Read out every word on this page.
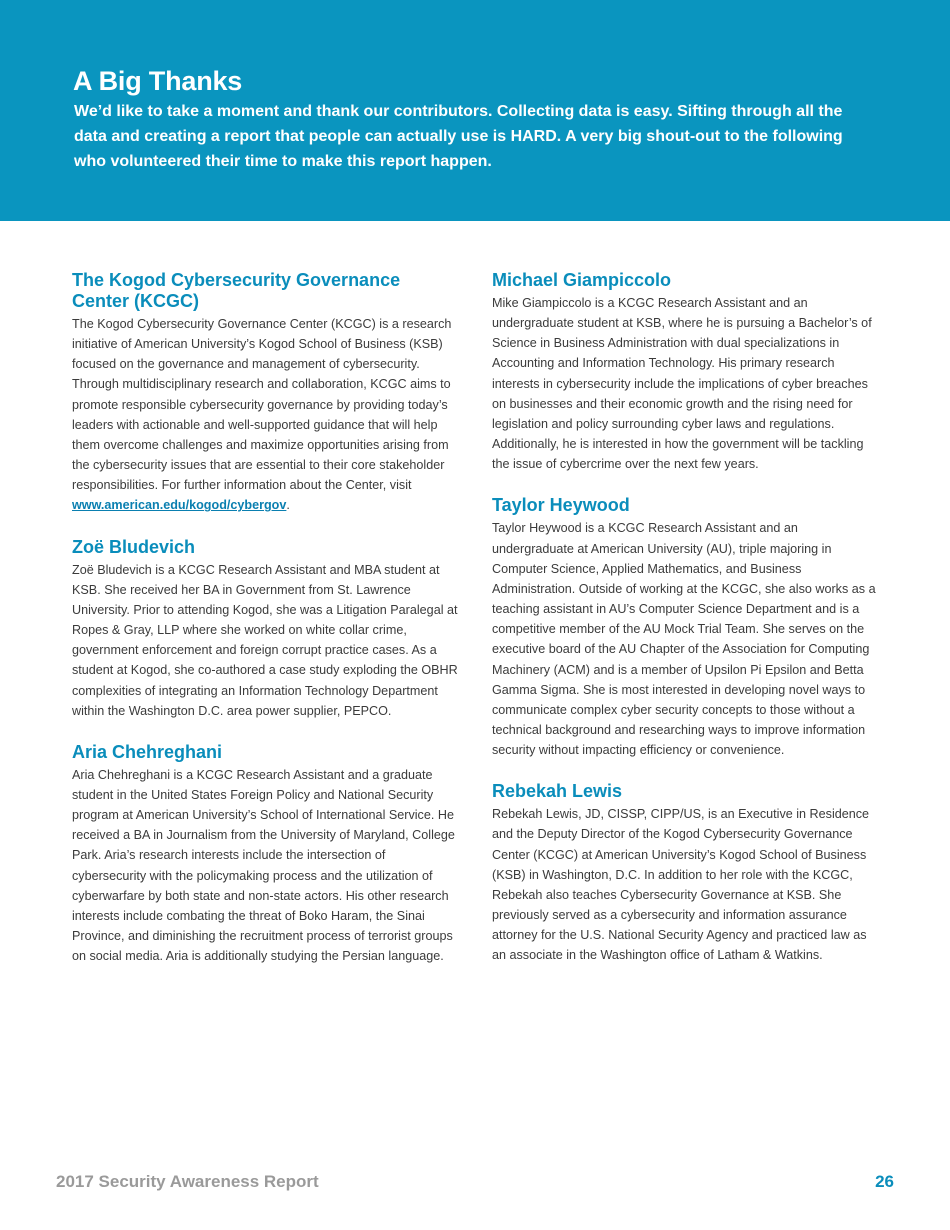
A Big Thanks

We’d like to take a moment and thank our contributors. Collecting data is easy. Sifting through all the data and creating a report that people can actually use is HARD. A very big shout-out to the following who volunteered their time to make this report happen.

The Kogod Cybersecurity Governance Center (KCGC)

The Kogod Cybersecurity Governance Center (KCGC) is a research initiative of American University’s Kogod School of Business (KSB) focused on the governance and management of cybersecurity. Through multidisciplinary research and collaboration, KCGC aims to promote responsible cybersecurity governance by providing today’s leaders with actionable and well-supported guidance that will help them overcome challenges and maximize opportunities arising from the cybersecurity issues that are essential to their core stakeholder responsibilities. For further information about the Center, visit www.american.edu/kogod/cybergov.

Zoë Bludevich

Zoë Bludevich is a KCGC Research Assistant and MBA student at KSB. She received her BA in Government from St. Lawrence University. Prior to attending Kogod, she was a Litigation Paralegal at Ropes & Gray, LLP where she worked on white collar crime, government enforcement and foreign corrupt practice cases. As a student at Kogod, she co-authored a case study exploding the OBHR complexities of integrating an Information Technology Department within the Washington D.C. area power supplier, PEPCO.

Aria Chehreghani

Aria Chehreghani is a KCGC Research Assistant and a graduate student in the United States Foreign Policy and National Security program at American University’s School of International Service. He received a BA in Journalism from the University of Maryland, College Park. Aria’s research interests include the intersection of cybersecurity with the policymaking process and the utilization of cyberwarfare by both state and non-state actors. His other research interests include combating the threat of Boko Haram, the Sinai Province, and diminishing the recruitment process of terrorist groups on social media. Aria is additionally studying the Persian language.

Michael Giampiccolo

Mike Giampiccolo is a KCGC Research Assistant and an undergraduate student at KSB, where he is pursuing a Bachelor’s of Science in Business Administration with dual specializations in Accounting and Information Technology. His primary research interests in cybersecurity include the implications of cyber breaches on businesses and their economic growth and the rising need for legislation and policy surrounding cyber laws and regulations. Additionally, he is interested in how the government will be tackling the issue of cybercrime over the next few years.

Taylor Heywood

Taylor Heywood is a KCGC Research Assistant and an undergraduate at American University (AU), triple majoring in Computer Science, Applied Mathematics, and Business Administration. Outside of working at the KCGC, she also works as a teaching assistant in AU’s Computer Science Department and is a competitive member of the AU Mock Trial Team. She serves on the executive board of the AU Chapter of the Association for Computing Machinery (ACM) and is a member of Upsilon Pi Epsilon and Betta Gamma Sigma. She is most interested in developing novel ways to communicate complex cyber security concepts to those without a technical background and researching ways to improve information security without impacting efficiency or convenience.

Rebekah Lewis

Rebekah Lewis, JD, CISSP, CIPP/US, is an Executive in Residence and the Deputy Director of the Kogod Cybersecurity Governance Center (KCGC) at American University’s Kogod School of Business (KSB) in Washington, D.C. In addition to her role with the KCGC, Rebekah also teaches Cybersecurity Governance at KSB. She previously served as a cybersecurity and information assurance attorney for the U.S. National Security Agency and practiced law as an associate in the Washington office of Latham & Watkins.

2017 Security Awareness Report	26
